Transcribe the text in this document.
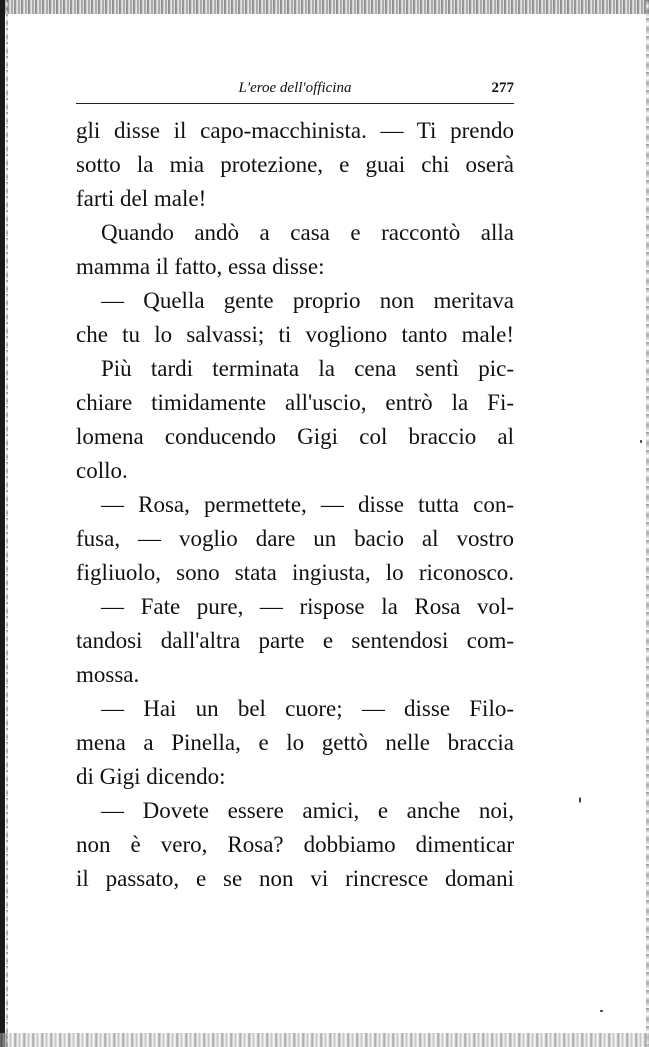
L'eroe dell'officina	277
gli disse il capo-macchinista. — Ti prendo
sotto la mia protezione, e guai chi oserà
farti del male!
Quando andò a casa e raccontò alla
mamma il fatto, essa disse:
— Quella gente proprio non meritava
che tu lo salvassi; ti vogliono tanto male!
Più tardi terminata la cena sentì pic-
chiare timidamente all'uscio, entrò la Fi-
lomena conducendo Gigi col braccio al
collo.
— Rosa, permettete, — disse tutta con-
fusa, — voglio dare un bacio al vostro
figliuolo, sono stata ingiusta, lo riconosco.
— Fate pure, — rispose la Rosa vol-
tandosi dall'altra parte e sentendosi com-
mossa.
— Hai un bel cuore; — disse Filo-
mena a Pinella, e lo gettò nelle braccia
di Gigi dicendo:
— Dovete essere amici, e anche noi,
non è vero, Rosa? dobbiamo dimenticar
il passato, e se non vi rincresce domani
